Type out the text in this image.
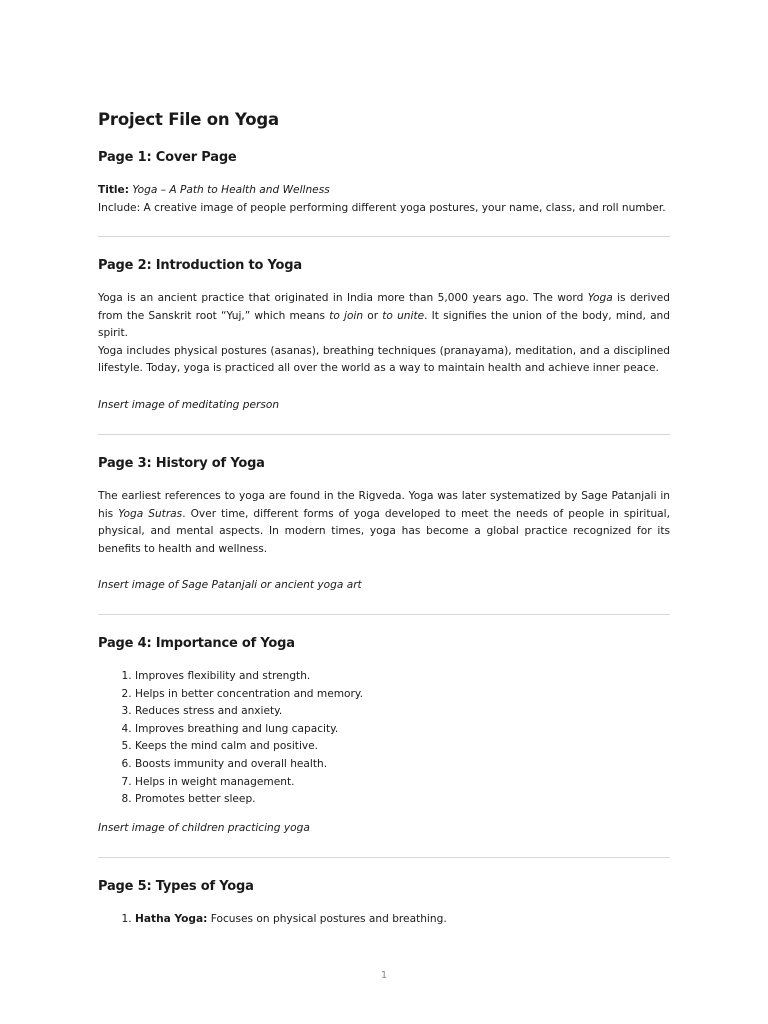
Project File on Yoga
Page 1: Cover Page
Title: Yoga – A Path to Health and Wellness
Include: A creative image of people performing different yoga postures, your name, class, and roll number.
Page 2: Introduction to Yoga
Yoga is an ancient practice that originated in India more than 5,000 years ago. The word Yoga is derived from the Sanskrit root “Yuj,” which means to join or to unite. It signifies the union of the body, mind, and spirit.
Yoga includes physical postures (asanas), breathing techniques (pranayama), meditation, and a disciplined lifestyle. Today, yoga is practiced all over the world as a way to maintain health and achieve inner peace.
Insert image of meditating person
Page 3: History of Yoga
The earliest references to yoga are found in the Rigveda. Yoga was later systematized by Sage Patanjali in his Yoga Sutras. Over time, different forms of yoga developed to meet the needs of people in spiritual, physical, and mental aspects. In modern times, yoga has become a global practice recognized for its benefits to health and wellness.
Insert image of Sage Patanjali or ancient yoga art
Page 4: Importance of Yoga
1. Improves flexibility and strength.
2. Helps in better concentration and memory.
3. Reduces stress and anxiety.
4. Improves breathing and lung capacity.
5. Keeps the mind calm and positive.
6. Boosts immunity and overall health.
7. Helps in weight management.
8. Promotes better sleep.
Insert image of children practicing yoga
Page 5: Types of Yoga
1. Hatha Yoga: Focuses on physical postures and breathing.
1
